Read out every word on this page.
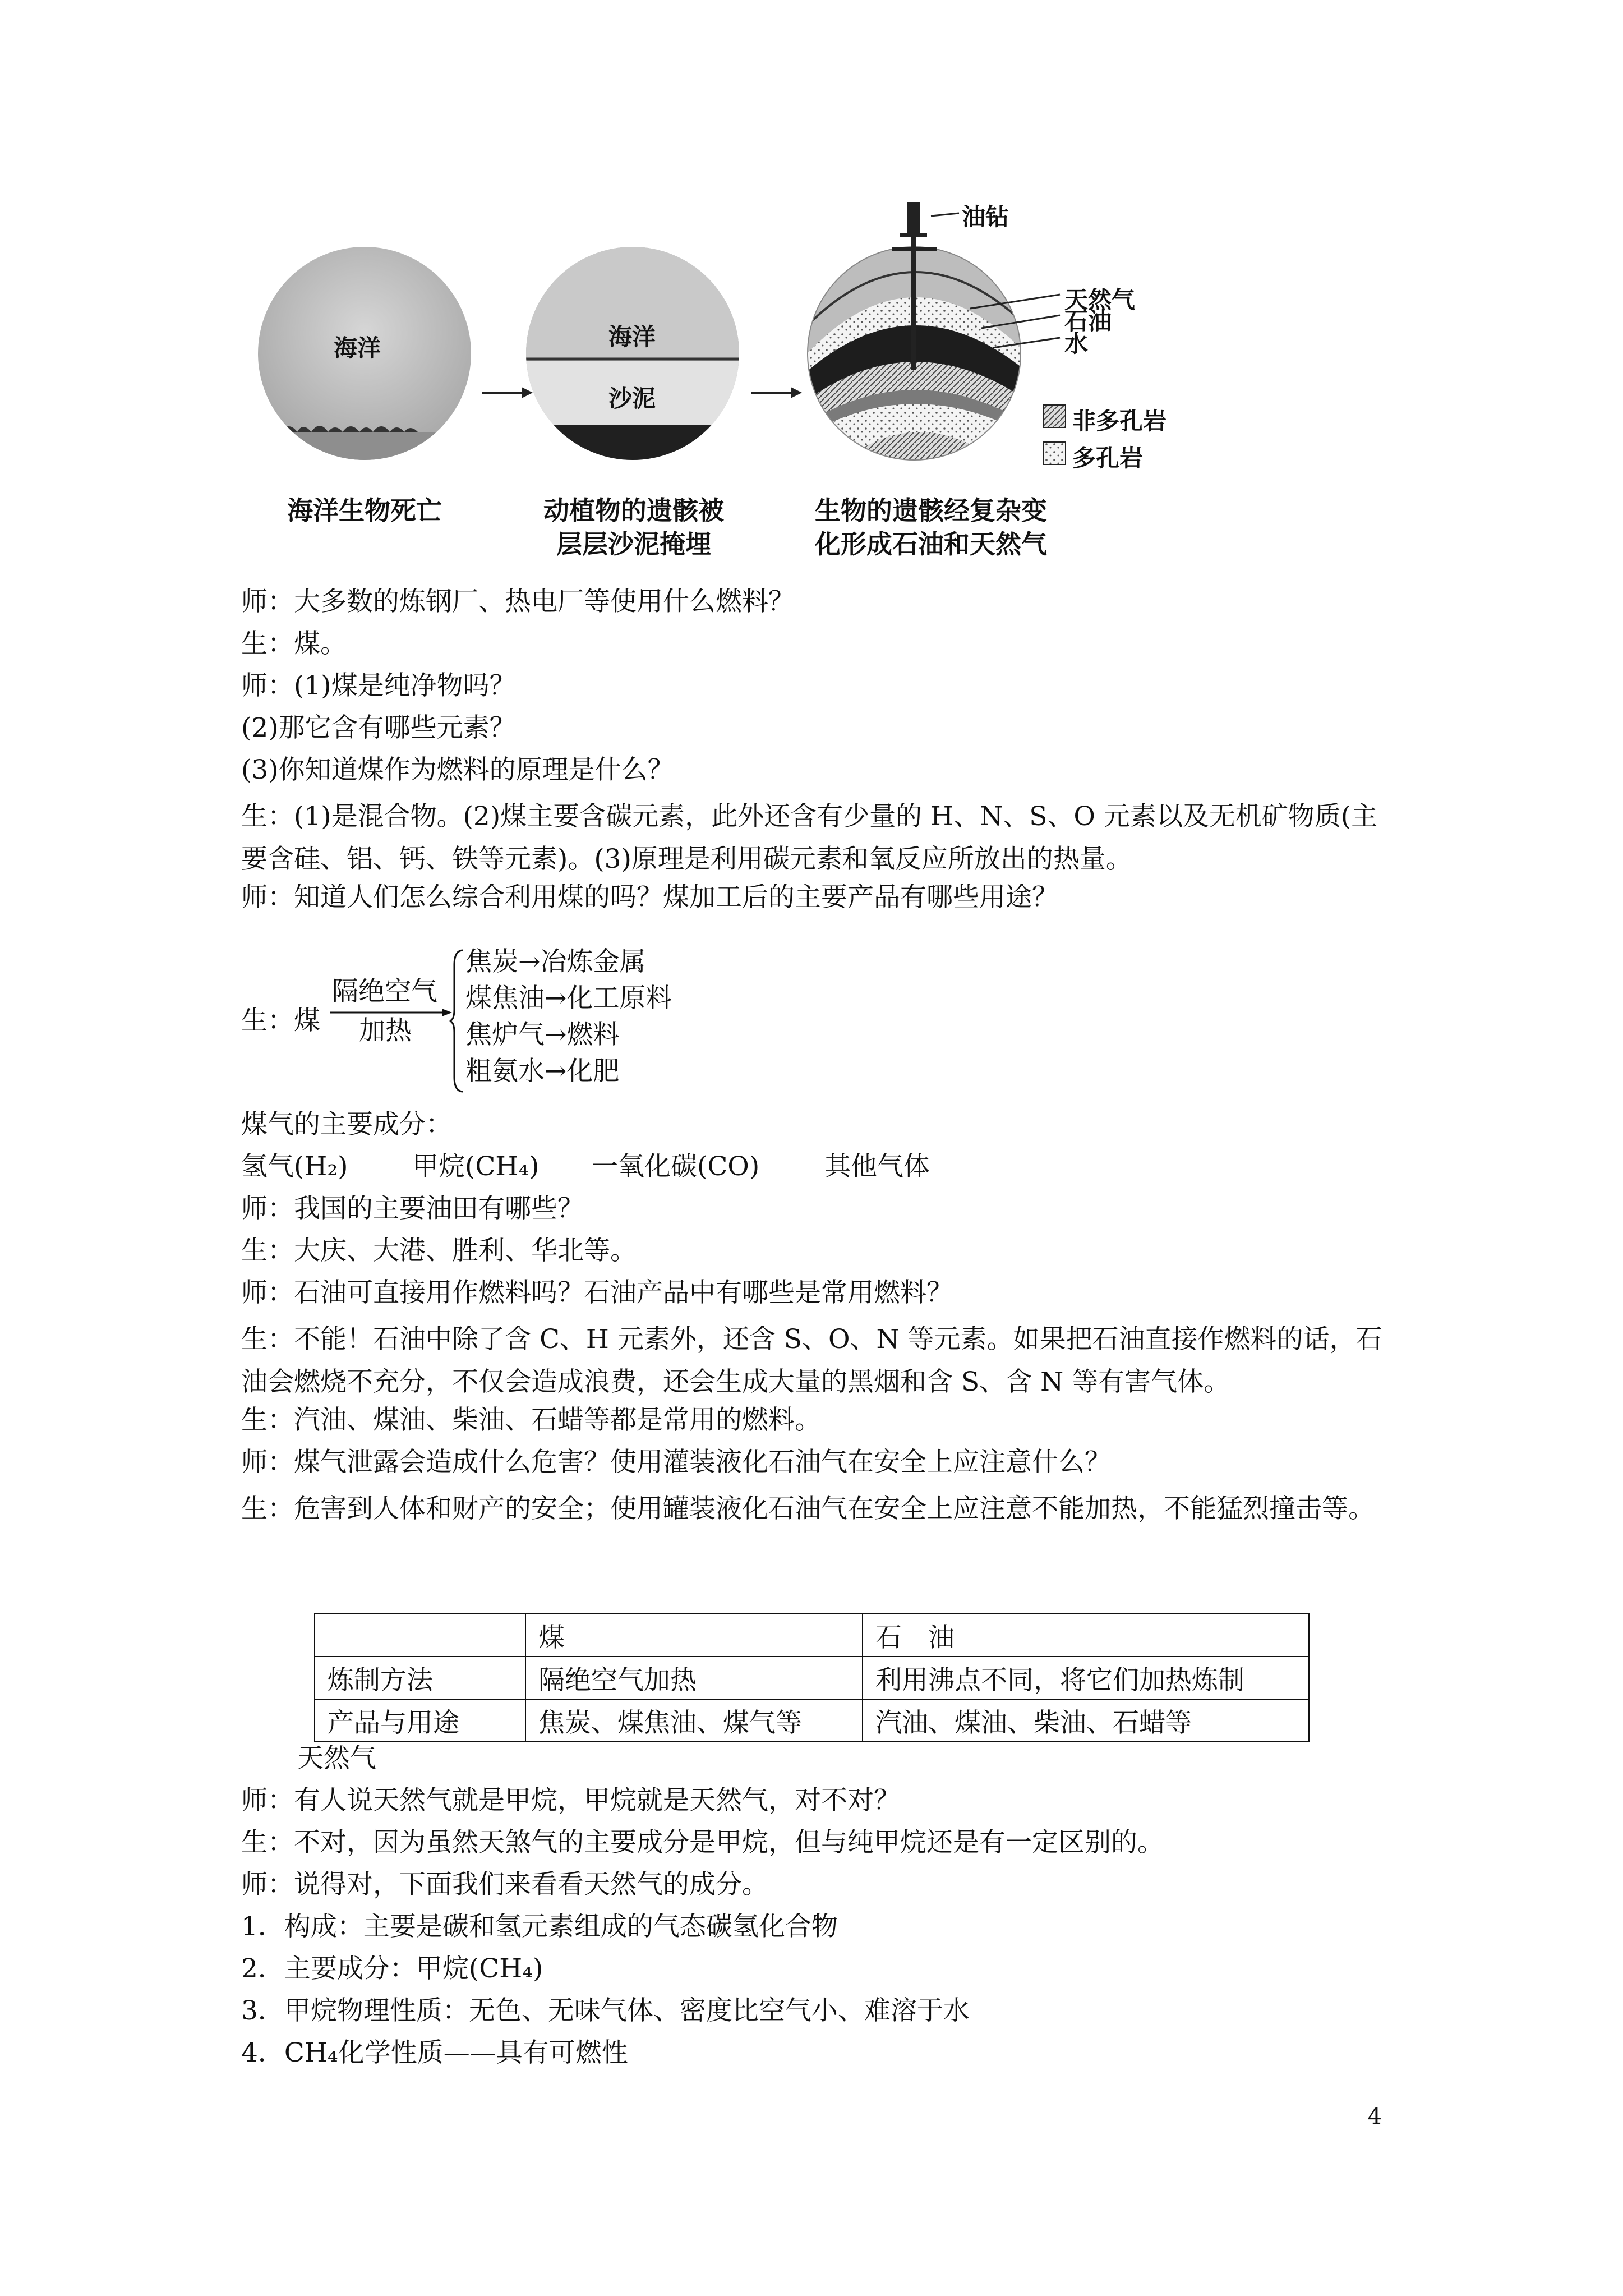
海洋	海洋
沙泥
油钻
天然气
石油
水
非多孔岩
多孔岩
海洋生物死亡	动植物的遗骸被
层层沙泥掩埋
生物的遗骸经复杂变
化形成石油和天然气
师：大多数的炼钢厂、热电厂等使用什么燃料？
生：煤。
师：(1)煤是纯净物吗？
(2)那它含有哪些元素？
(3)你知道煤作为燃料的原理是什么？
生：(1)是混合物。(2)煤主要含碳元素，此外还含有少量的 H、N、S、O 元素以及无机矿物质(主要含硅、铝、钙、铁等元素)。(3)原理是利用碳元素和氧反应所放出的热量。
师：知道人们怎么综合利用煤的吗？煤加工后的主要产品有哪些用途？
生：煤
隔绝空气
加热
焦炭→冶炼金属
煤焦油→化工原料
焦炉气→燃料
粗氨水→化肥
煤气的主要成分：
氢气(H₂) 甲烷(CH₄) 一氧化碳(CO) 其他气体
师：我国的主要油田有哪些？
生：大庆、大港、胜利、华北等。
师：石油可直接用作燃料吗？石油产品中有哪些是常用燃料？
生：不能！石油中除了含 C、H 元素外，还含 S、O、N 等元素。如果把石油直接作燃料的话，石油会燃烧不充分，不仅会造成浪费，还会生成大量的黑烟和含 S、含 N 等有害气体。
生：汽油、煤油、柴油、石蜡等都是常用的燃料。
师：煤气泄露会造成什么危害？使用灌装液化石油气在安全上应注意什么？
生：危害到人体和财产的安全；使用罐装液化石油气在安全上应注意不能加热，不能猛烈撞击等。
	煤	石　油
炼制方法	隔绝空气加热	利用沸点不同，将它们加热炼制
产品与用途	焦炭、煤焦油、煤气等	汽油、煤油、柴油、石蜡等
天然气
师：有人说天然气就是甲烷，甲烷就是天然气，对不对？
生：不对，因为虽然天煞气的主要成分是甲烷，但与纯甲烷还是有一定区别的。
师：说得对，下面我们来看看天然气的成分。
1．构成：主要是碳和氢元素组成的气态碳氢化合物
2．主要成分：甲烷(CH₄)
3．甲烷物理性质：无色、无味气体、密度比空气小、难溶于水
4．CH₄化学性质——具有可燃性
4
